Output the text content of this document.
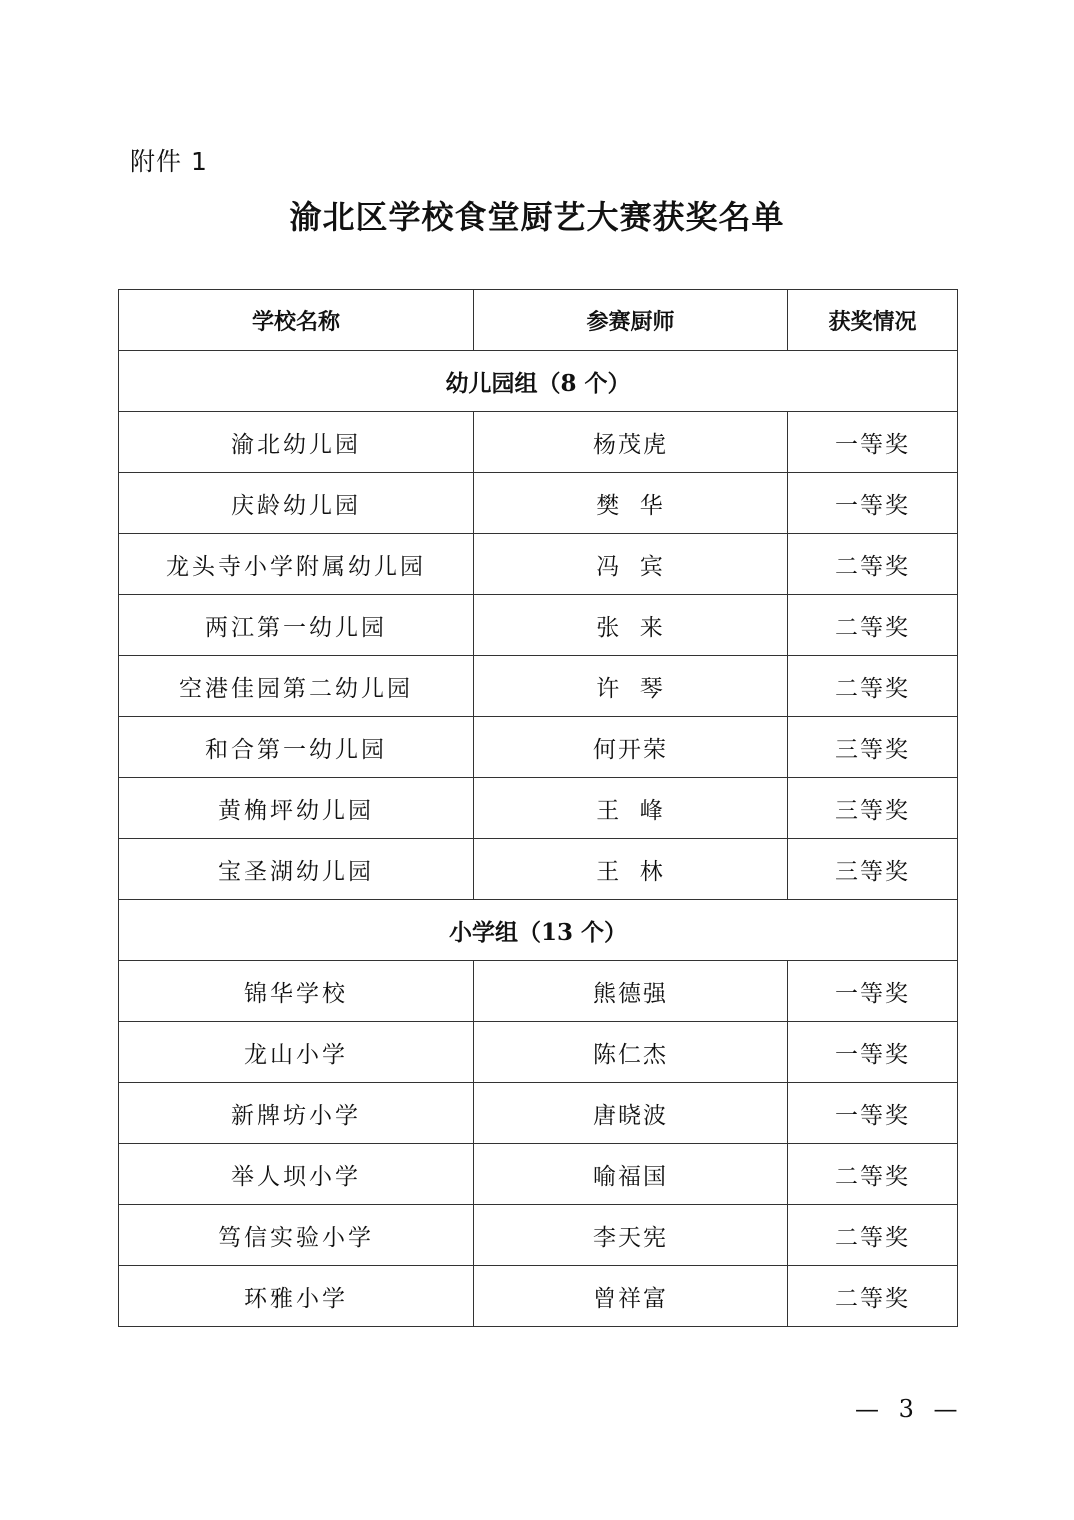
附件 1
渝北区学校食堂厨艺大赛获奖名单
学校名称	参赛厨师	获奖情况
幼儿园组（8 个）		
渝北幼儿园	杨茂虎	一等奖
庆龄幼儿园	樊  华	一等奖
龙头寺小学附属幼儿园	冯  宾	二等奖
两江第一幼儿园	张  来	二等奖
空港佳园第二幼儿园	许  琴	二等奖
和合第一幼儿园	何开荣	三等奖
黄桷坪幼儿园	王  峰	三等奖
宝圣湖幼儿园	王  林	三等奖
小学组（13 个）		
锦华学校	熊德强	一等奖
龙山小学	陈仁杰	一等奖
新牌坊小学	唐晓波	一等奖
举人坝小学	喻福国	二等奖
笃信实验小学	李天宪	二等奖
环雅小学	曾祥富	二等奖
— 3 —
